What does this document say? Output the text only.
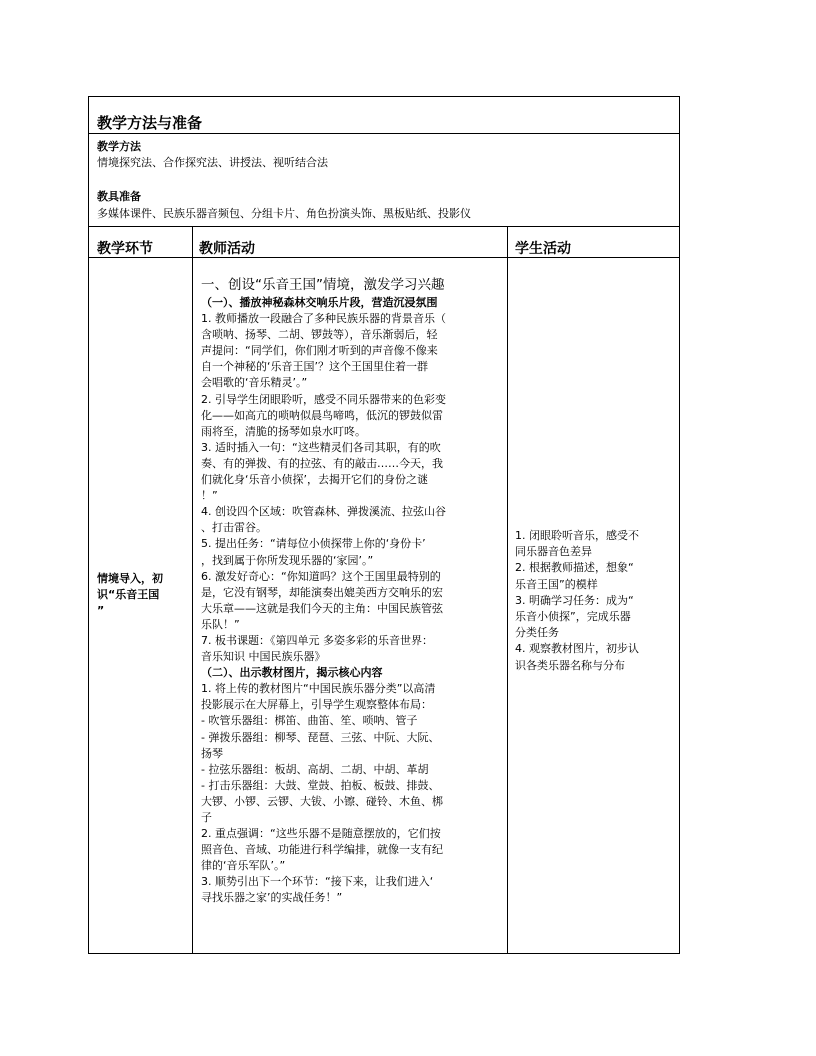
教学方法与准备
教学方法
情境探究法、合作探究法、讲授法、视听结合法
教具准备
多媒体课件、民族乐器音频包、分组卡片、角色扮演头饰、黑板贴纸、投影仪
教学环节	教师活动	学生活动
情境导入，初
识“乐音王国
”
一、创设“乐音王国”情境，激发学习兴趣
（一）、播放神秘森林交响乐片段，营造沉浸氛围
1. 教师播放一段融合了多种民族乐器的背景音乐（
含唢呐、扬琴、二胡、锣鼓等），音乐渐弱后，轻
声提问：“同学们，你们刚才听到的声音像不像来
自一个神秘的‘乐音王国’？这个王国里住着一群
会唱歌的‘音乐精灵’。”
2. 引导学生闭眼聆听，感受不同乐器带来的色彩变
化——如高亢的唢呐似晨鸟啼鸣，低沉的锣鼓似雷
雨将至，清脆的扬琴如泉水叮咚。
3. 适时插入一句：“这些精灵们各司其职，有的吹
奏、有的弹拨、有的拉弦、有的敲击……今天，我
们就化身‘乐音小侦探’，去揭开它们的身份之谜
！”
4. 创设四个区域：吹管森林、弹拨溪流、拉弦山谷
、打击雷谷。
5. 提出任务：“请每位小侦探带上你的‘身份卡’
，找到属于你所发现乐器的‘家园’。”
6. 激发好奇心：“你知道吗？这个王国里最特别的
是，它没有钢琴，却能演奏出媲美西方交响乐的宏
大乐章——这就是我们今天的主角：中国民族管弦
乐队！”
7. 板书课题：《第四单元 多姿多彩的乐音世界：
音乐知识 中国民族乐器》
（二）、出示教材图片，揭示核心内容
1. 将上传的教材图片“中国民族乐器分类”以高清
投影展示在大屏幕上，引导学生观察整体布局：
- 吹管乐器组：梆笛、曲笛、笙、唢呐、管子
- 弹拨乐器组：柳琴、琵琶、三弦、中阮、大阮、
扬琴
- 拉弦乐器组：板胡、高胡、二胡、中胡、革胡
- 打击乐器组：大鼓、堂鼓、拍板、板鼓、排鼓、
大锣、小锣、云锣、大钹、小镲、碰铃、木鱼、梆
子
2. 重点强调：“这些乐器不是随意摆放的，它们按
照音色、音域、功能进行科学编排，就像一支有纪
律的‘音乐军队’。”
3. 顺势引出下一个环节：“接下来，让我们进入‘
寻找乐器之家’的实战任务！”
1. 闭眼聆听音乐，感受不
同乐器音色差异
2. 根据教师描述，想象“
乐音王国”的模样
3. 明确学习任务：成为“
乐音小侦探”，完成乐器
分类任务
4. 观察教材图片，初步认
识各类乐器名称与分布
